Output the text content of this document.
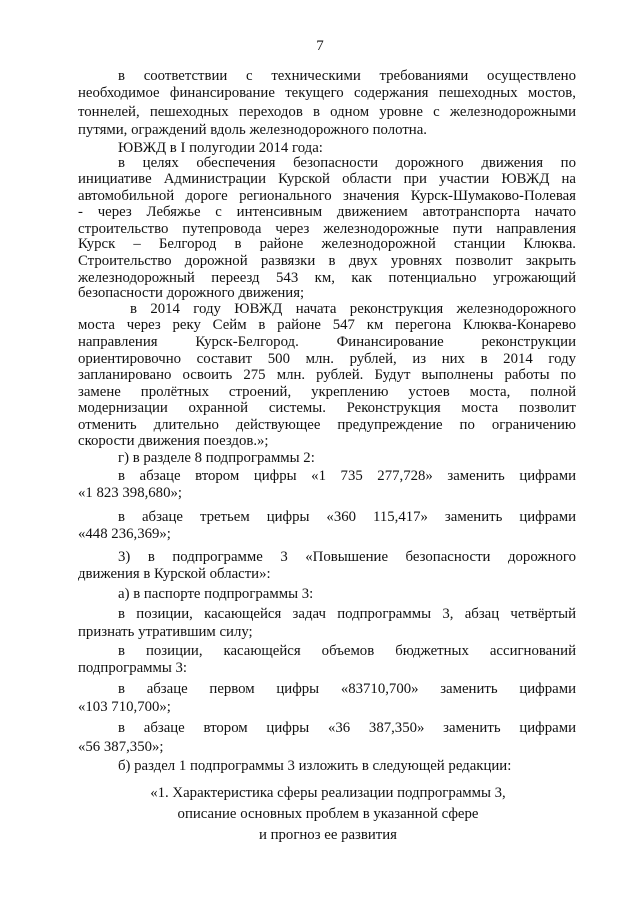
7
в соответствии с техническими требованиями осуществлено
необходимое финансирование текущего содержания пешеходных мостов,
тоннелей, пешеходных переходов в одном уровне с железнодорожными
путями, ограждений вдоль железнодорожного полотна.
ЮВЖД в I полугодии 2014 года:
в целях обеспечения безопасности дорожного движения по
инициативе Администрации Курской области при участии ЮВЖД на
автомобильной дороге регионального значения Курск-Шумаково-Полевая
- через Лебяжье с интенсивным движением автотранспорта начато
строительство путепровода через железнодорожные пути направления
Курск – Белгород в районе железнодорожной станции Клюква.
Строительство дорожной развязки в двух уровнях позволит закрыть
железнодорожный переезд 543 км, как потенциально угрожающий
безопасности дорожного движения;
в 2014 году ЮВЖД начата реконструкция железнодорожного
моста через реку Сейм в районе 547 км перегона Клюква-Конарево
направления Курск-Белгород. Финансирование реконструкции
ориентировочно составит 500 млн. рублей, из них в 2014 году
запланировано освоить 275 млн. рублей. Будут выполнены работы по
замене пролётных строений, укреплению устоев моста, полной
модернизации охранной системы. Реконструкция моста позволит
отменить длительно действующее предупреждение по ограничению
скорости движения поездов.»;
г) в разделе 8 подпрограммы 2:
в абзаце втором цифры «1 735 277,728» заменить цифрами
«1 823 398,680»;
в абзаце третьем цифры «360 115,417» заменить цифрами
«448 236,369»;
3) в подпрограмме 3 «Повышение безопасности дорожного
движения в Курской области»:
а) в паспорте подпрограммы 3:
в позиции, касающейся задач подпрограммы 3, абзац четвёртый
признать утратившим силу;
в позиции, касающейся объемов бюджетных ассигнований
подпрограммы 3:
в абзаце первом цифры «83710,700» заменить цифрами
«103 710,700»;
в абзаце втором цифры «36 387,350» заменить цифрами
«56 387,350»;
б) раздел 1 подпрограммы 3 изложить в следующей редакции:
«1. Характеристика сферы реализации подпрограммы 3,
описание основных проблем в указанной сфере
и прогноз ее развития
